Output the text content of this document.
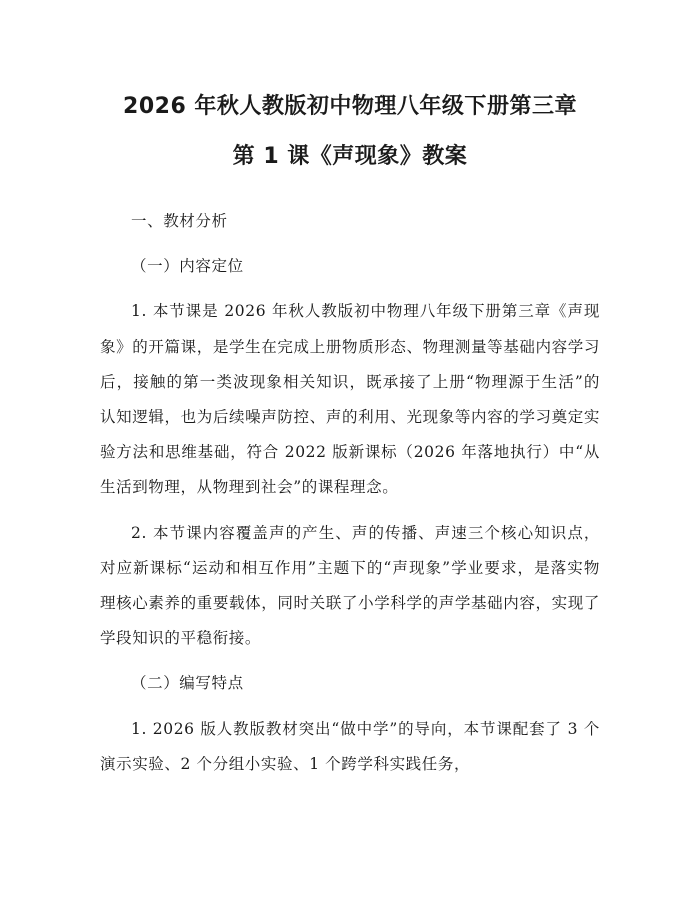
2026 年秋人教版初中物理八年级下册第三章
第 1 课《声现象》教案

一、教材分析

（一）内容定位

1. 本节课是 2026 年秋人教版初中物理八年级下册第三章《声现象》的开篇课，是学生在完成上册物质形态、物理测量等基础内容学习后，接触的第一类波现象相关知识，既承接了上册“物理源于生活”的认知逻辑，也为后续噪声防控、声的利用、光现象等内容的学习奠定实验方法和思维基础，符合 2022 版新课标（2026 年落地执行）中“从生活到物理，从物理到社会”的课程理念。

2. 本节课内容覆盖声的产生、声的传播、声速三个核心知识点，对应新课标“运动和相互作用”主题下的“声现象”学业要求，是落实物理核心素养的重要载体，同时关联了小学科学的声学基础内容，实现了学段知识的平稳衔接。

（二）编写特点

1. 2026 版人教版教材突出“做中学”的导向，本节课配套了 3 个演示实验、2 个分组小实验、1 个跨学科实践任务，
